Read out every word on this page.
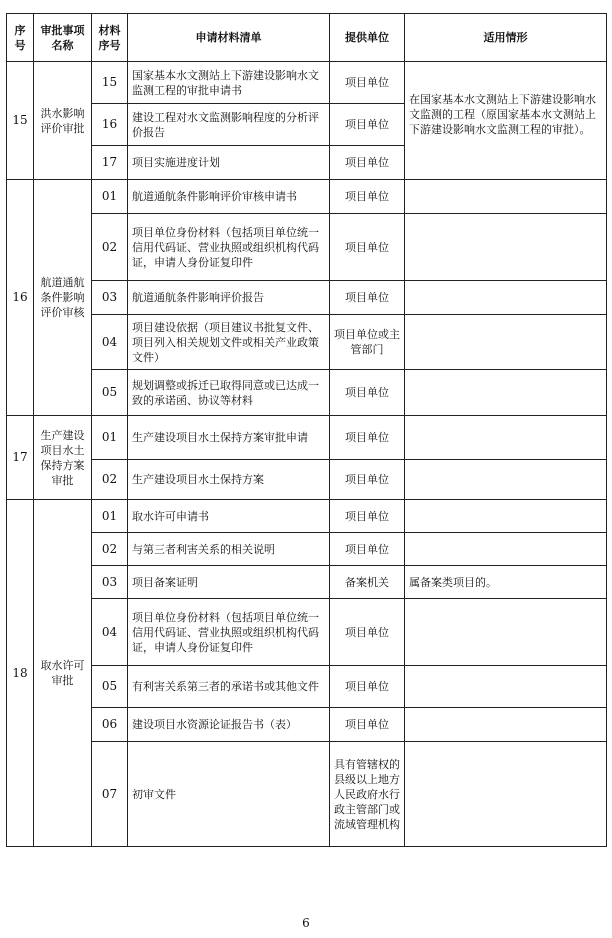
序号	审批事项名称	材料序号	申请材料清单	提供单位	适用情形
15	洪水影响评价审批	15	国家基本水文测站上下游建设影响水文监测工程的审批申请书	项目单位	在国家基本水文测站上下游建设影响水文监测的工程（原国家基本水文测站上下游建设影响水文监测工程的审批）。
		16	建设工程对水文监测影响程度的分析评价报告	项目单位	
		17	项目实施进度计划	项目单位	
16	航道通航条件影响评价审核	01	航道通航条件影响评价审核申请书	项目单位	
		02	项目单位身份材料（包括项目单位统一信用代码证、营业执照或组织机构代码证，申请人身份证复印件	项目单位	
		03	航道通航条件影响评价报告	项目单位	
		04	项目建设依据（项目建议书批复文件、项目列入相关规划文件或相关产业政策文件）	项目单位或主管部门	
		05	规划调整或拆迁已取得同意或已达成一致的承诺函、协议等材料	项目单位	
17	生产建设项目水土保持方案审批	01	生产建设项目水土保持方案审批申请	项目单位	
		02	生产建设项目水土保持方案	项目单位	
18	取水许可审批	01	取水许可申请书	项目单位	
		02	与第三者利害关系的相关说明	项目单位	
		03	项目备案证明	备案机关	属备案类项目的。
		04	项目单位身份材料（包括项目单位统一信用代码证、营业执照或组织机构代码证，申请人身份证复印件	项目单位	
		05	有利害关系第三者的承诺书或其他文件	项目单位	
		06	建设项目水资源论证报告书（表）	项目单位	
		07	初审文件	具有管辖权的县级以上地方人民政府水行政主管部门或流域管理机构	
6
